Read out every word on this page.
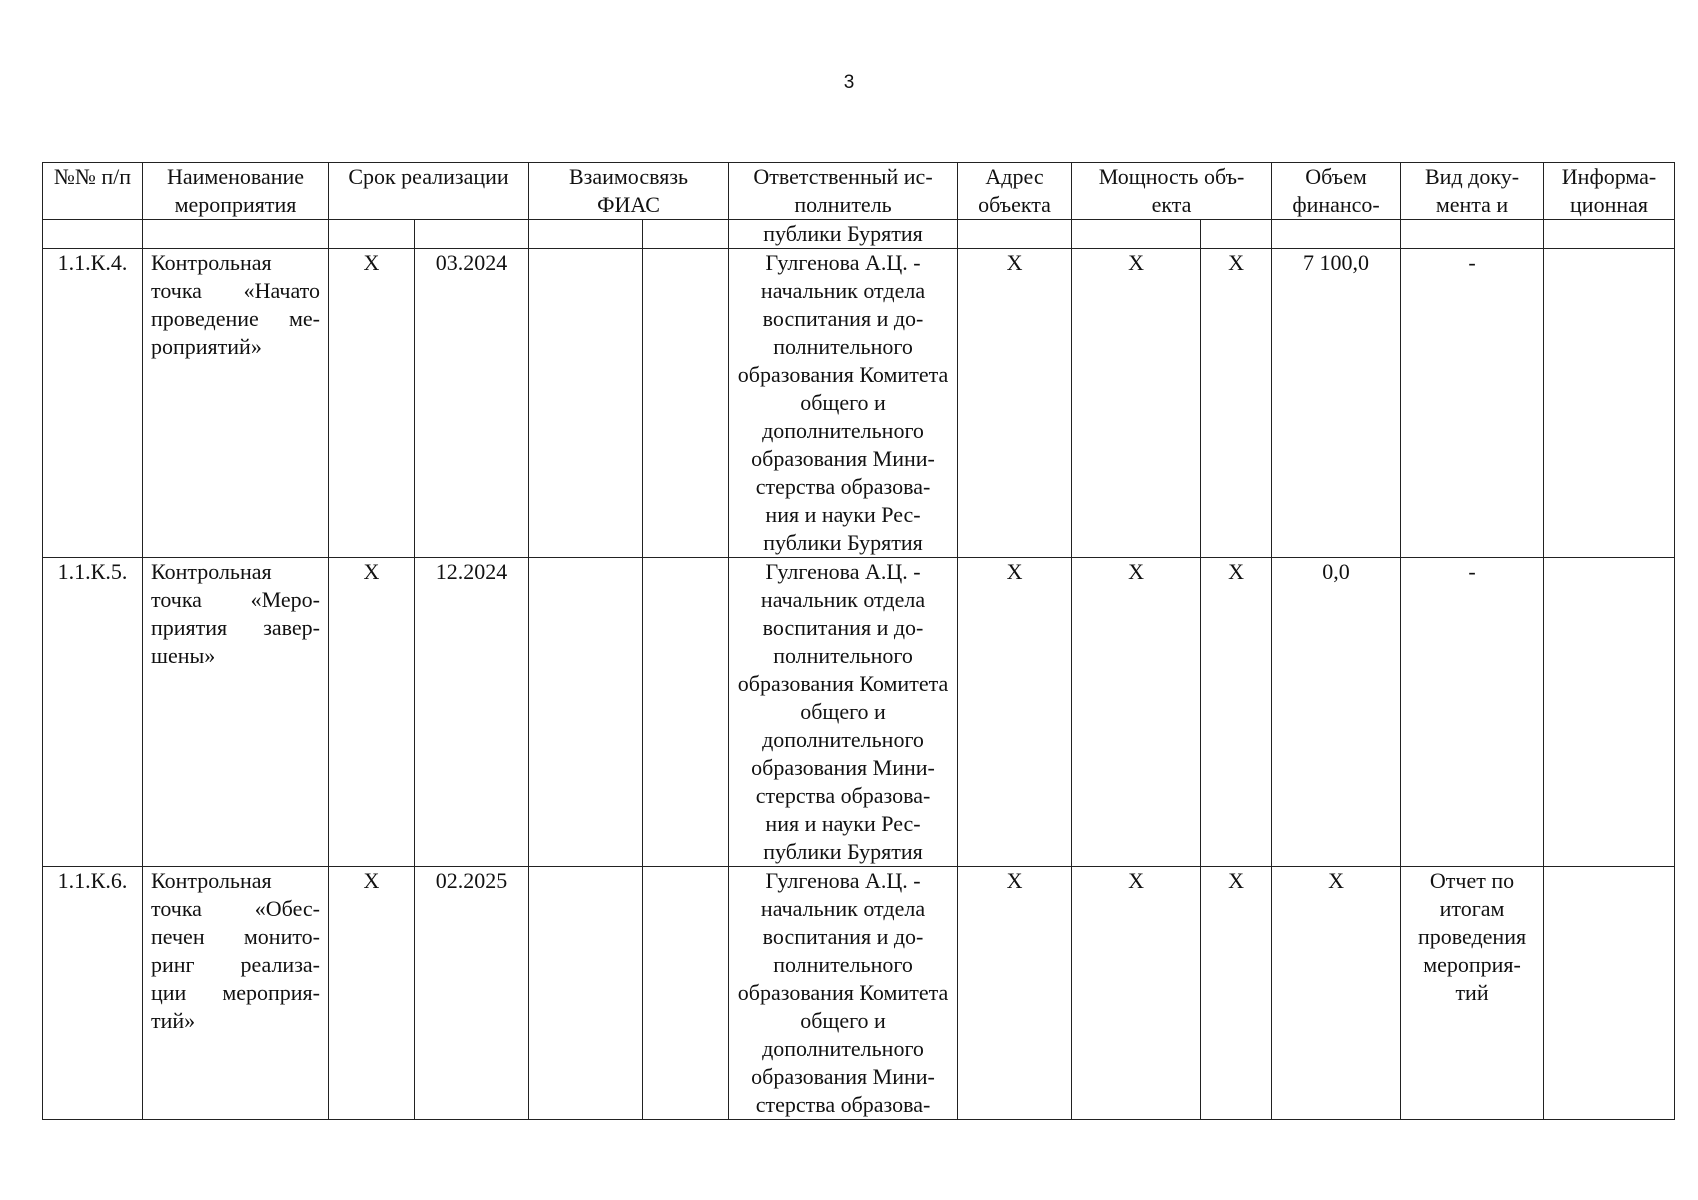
3
№№ п/п	Наименование мероприятия	Срок реализации		Взаимосвязь ФИАС		Ответственный ис- полнитель	Адрес объекта	Мощность объ- екта		Объем финансо-	Вид доку- мента и	Информа- ционная
						публики Бурятия						
1.1.К.4.	Контрольная точка «Начато проведение ме- роприятий»	Х	03.2024			Гулгенова А.Ц. - начальник отдела воспитания и до- полнительного образования Комитета общего и дополнительного образования Мини- стерства образова- ния и науки Рес- публики Бурятия	Х	Х	Х	7 100,0	-	
1.1.К.5.	Контрольная точка «Меро- приятия завер- шены»	Х	12.2024			Гулгенова А.Ц. - начальник отдела воспитания и до- полнительного образования Комитета общего и дополнительного образования Мини- стерства образова- ния и науки Рес- публики Бурятия	Х	Х	Х	0,0	-	
1.1.К.6.	Контрольная точка «Обес- печен монито- ринг реализа- ции мероприя- тий»	Х	02.2025			Гулгенова А.Ц. - начальник отдела воспитания и до- полнительного образования Комитета общего и дополнительного образования Мини- стерства образова-	Х	Х	Х	Х	Отчет по итогам проведения мероприя- тий	
